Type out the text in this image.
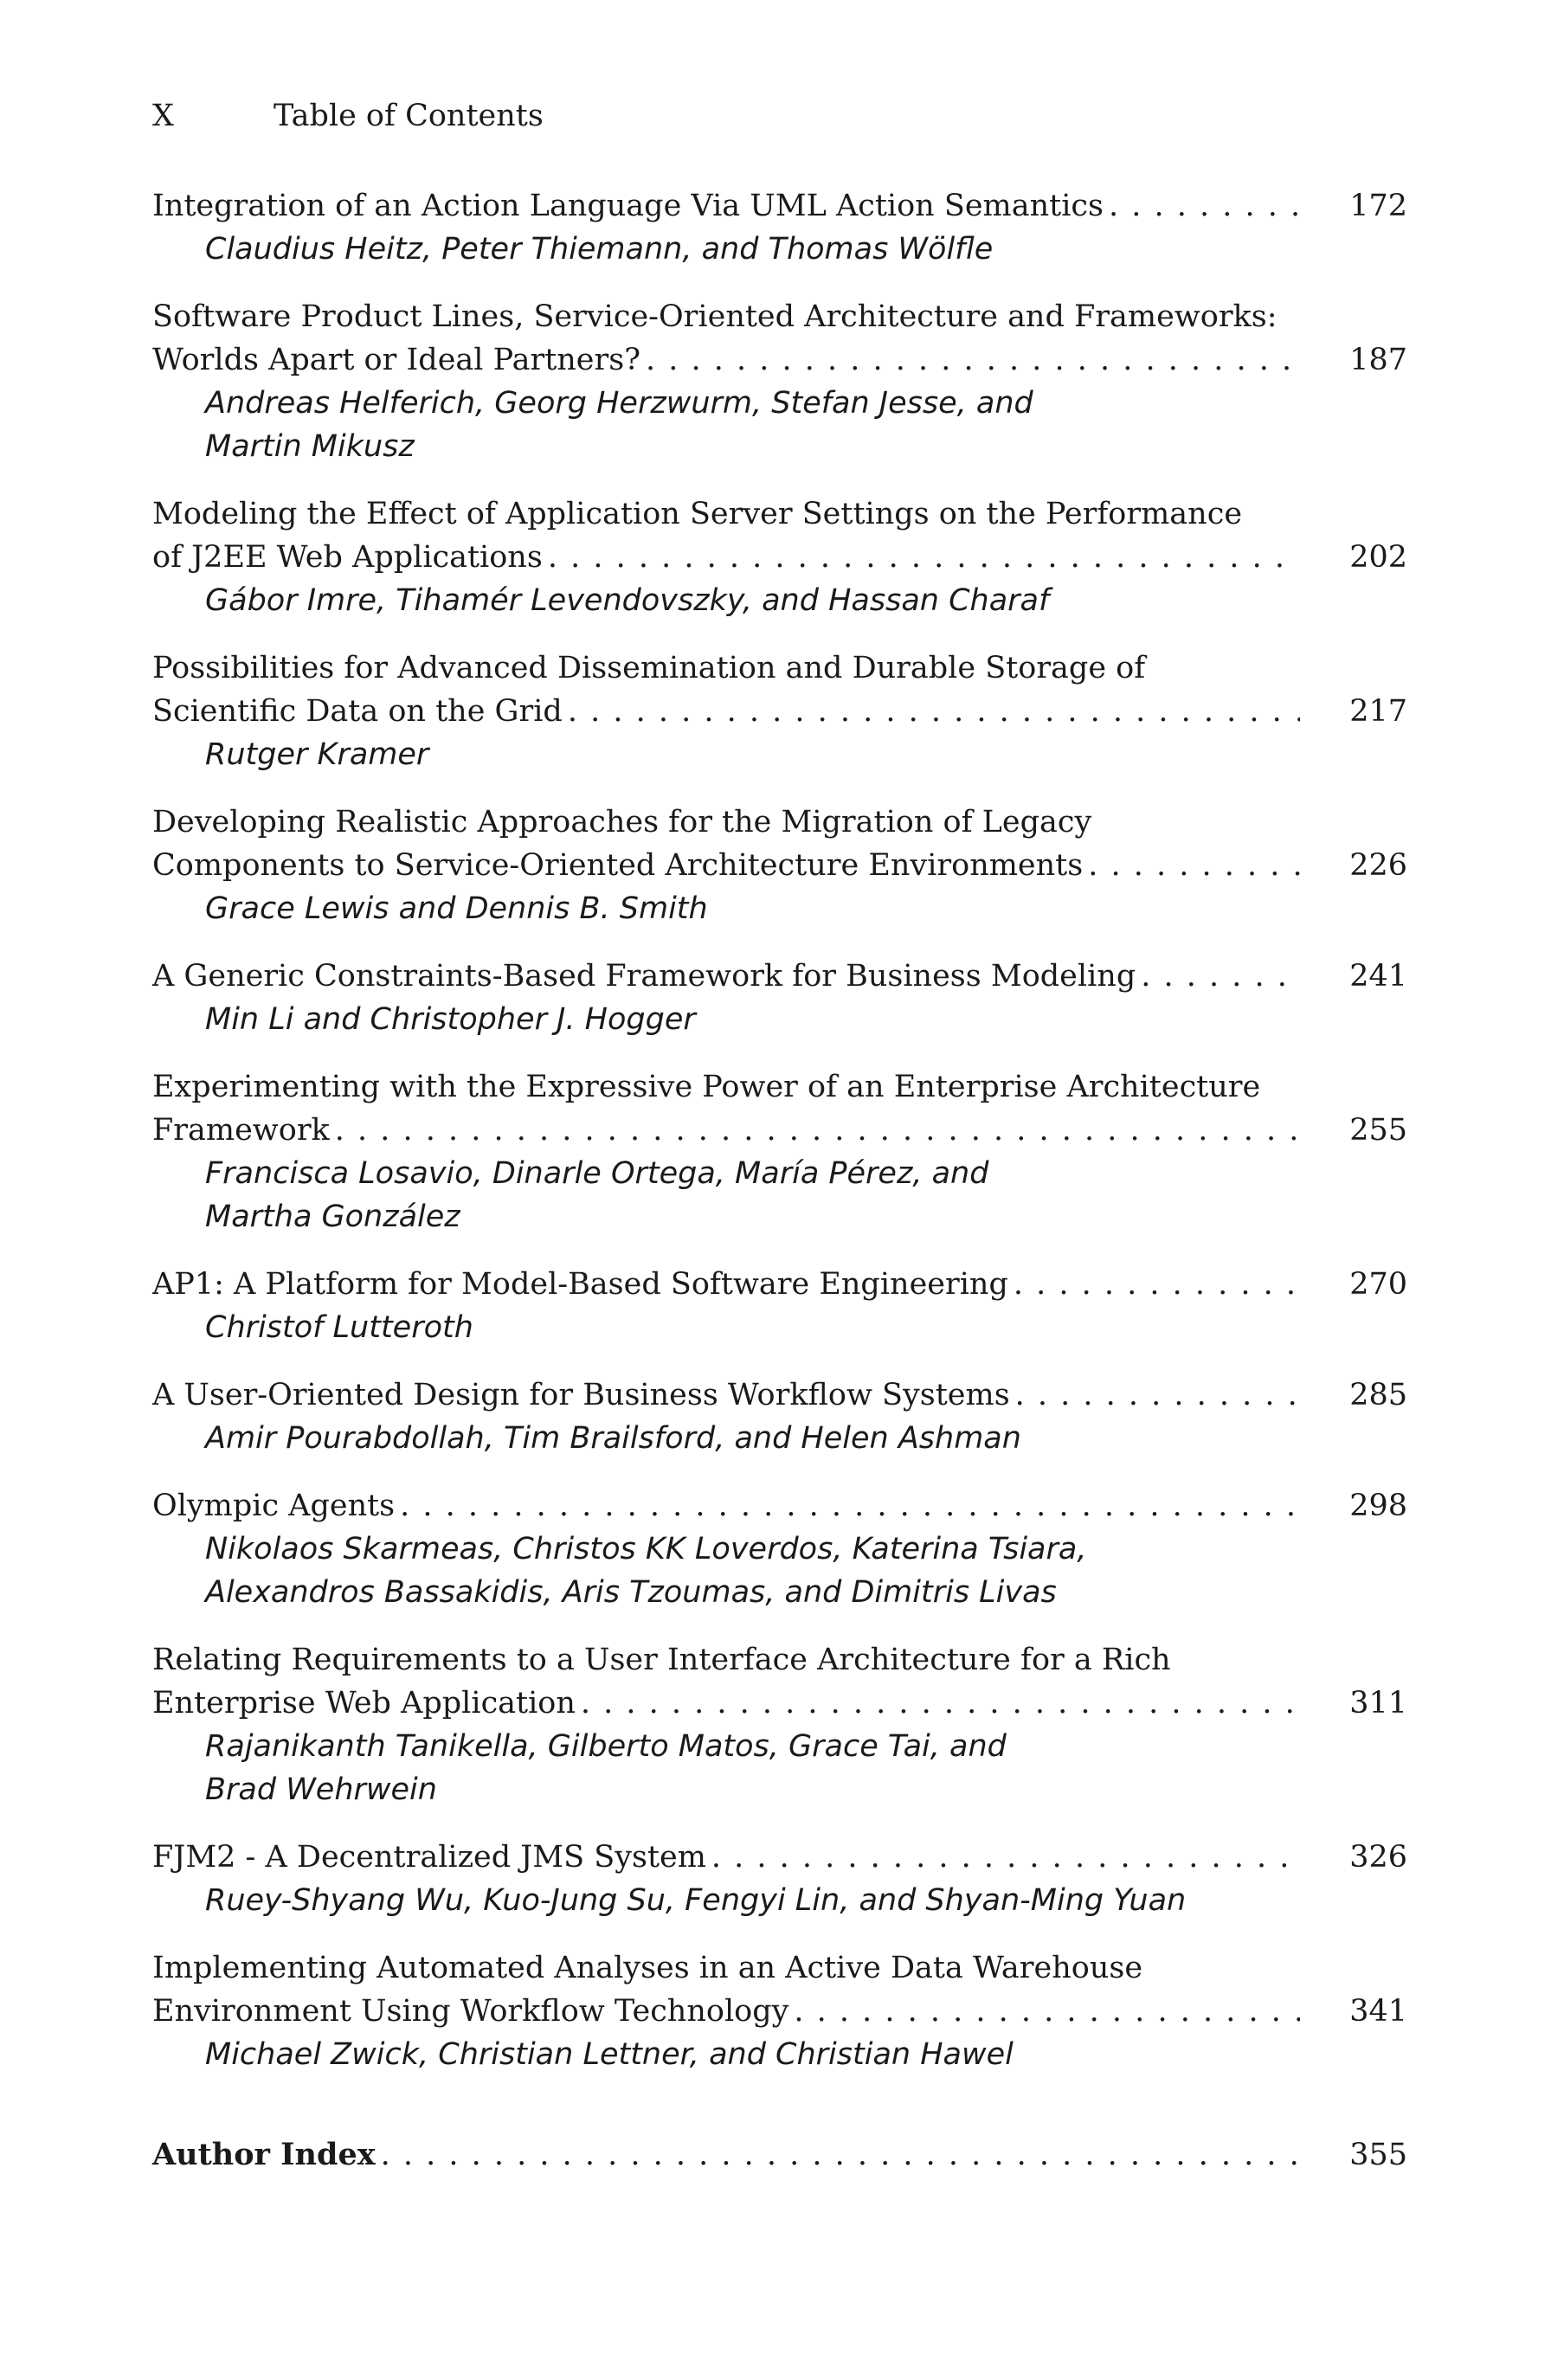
X	Table of Contents
Integration of an Action Language Via UML Action Semantics . . .	172
Claudius Heitz, Peter Thiemann, and Thomas Wölfle
Software Product Lines, Service-Oriented Architecture and Frameworks:
Worlds Apart or Ideal Partners? . . .	187
Andreas Helferich, Georg Herzwurm, Stefan Jesse, and
Martin Mikusz
Modeling the Effect of Application Server Settings on the Performance
of J2EE Web Applications . . .	202
Gábor Imre, Tihamér Levendovszky, and Hassan Charaf
Possibilities for Advanced Dissemination and Durable Storage of
Scientific Data on the Grid . . .	217
Rutger Kramer
Developing Realistic Approaches for the Migration of Legacy
Components to Service-Oriented Architecture Environments . . .	226
Grace Lewis and Dennis B. Smith
A Generic Constraints-Based Framework for Business Modeling . . .	241
Min Li and Christopher J. Hogger
Experimenting with the Expressive Power of an Enterprise Architecture
Framework . . .	255
Francisca Losavio, Dinarle Ortega, María Pérez, and
Martha González
AP1: A Platform for Model-Based Software Engineering . . .	270
Christof Lutteroth
A User-Oriented Design for Business Workflow Systems . . .	285
Amir Pourabdollah, Tim Brailsford, and Helen Ashman
Olympic Agents . . .	298
Nikolaos Skarmeas, Christos KK Loverdos, Katerina Tsiara,
Alexandros Bassakidis, Aris Tzoumas, and Dimitris Livas
Relating Requirements to a User Interface Architecture for a Rich
Enterprise Web Application . . .	311
Rajanikanth Tanikella, Gilberto Matos, Grace Tai, and
Brad Wehrwein
FJM2 - A Decentralized JMS System . . .	326
Ruey-Shyang Wu, Kuo-Jung Su, Fengyi Lin, and Shyan-Ming Yuan
Implementing Automated Analyses in an Active Data Warehouse
Environment Using Workflow Technology . . .	341
Michael Zwick, Christian Lettner, and Christian Hawel
Author Index . . .	355
